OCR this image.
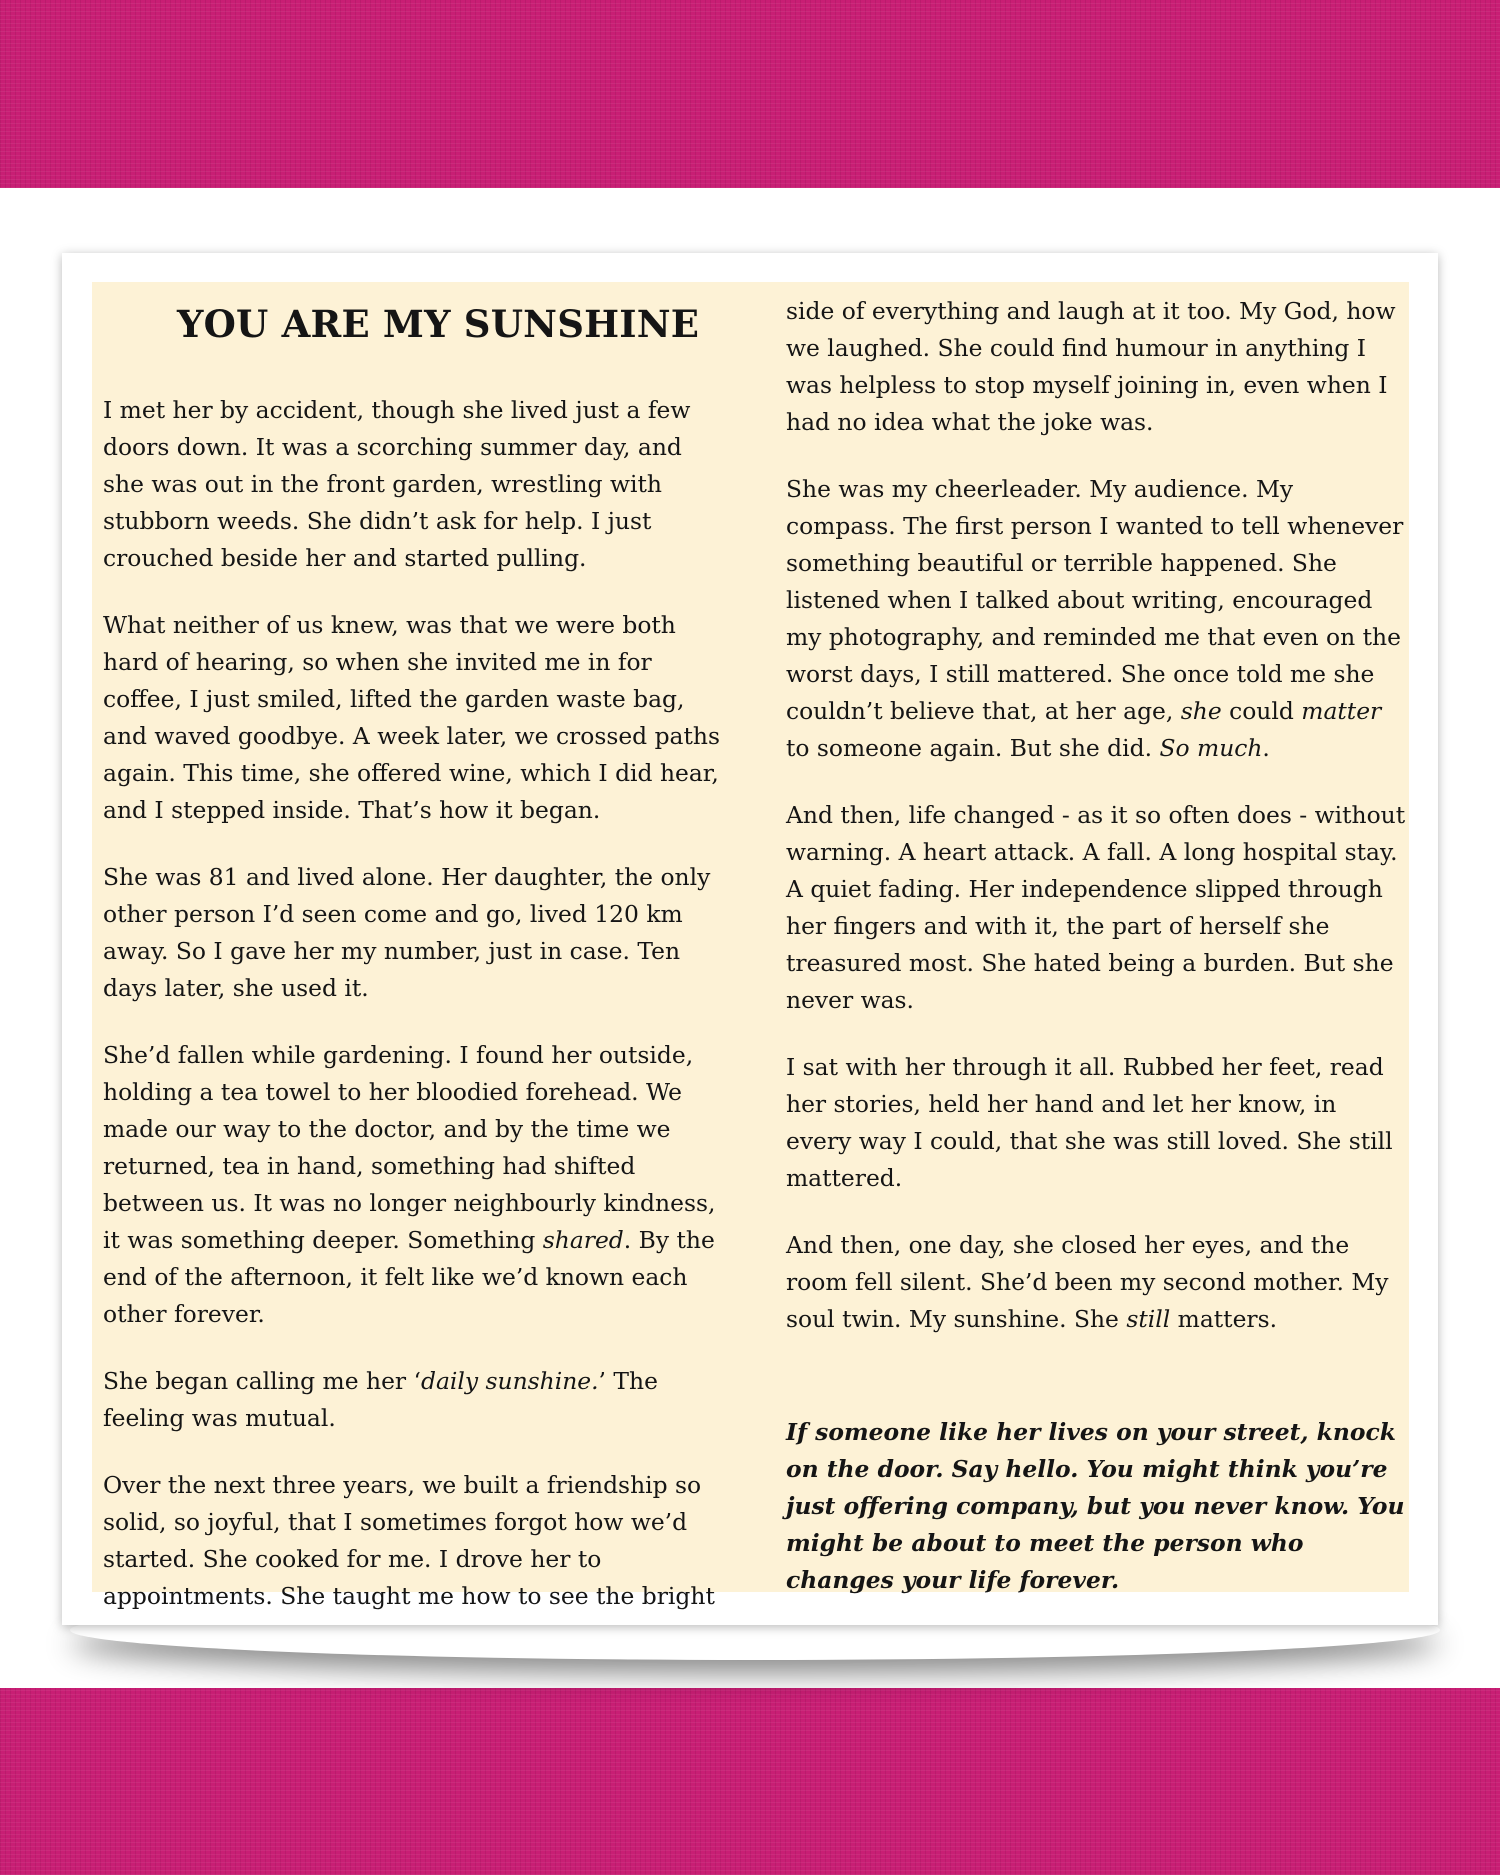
YOU ARE MY SUNSHINE

I met her by accident, though she lived just a few doors down. It was a scorching summer day, and she was out in the front garden, wrestling with stubborn weeds. She didn’t ask for help. I just crouched beside her and started pulling.

What neither of us knew, was that we were both hard of hearing, so when she invited me in for coffee, I just smiled, lifted the garden waste bag, and waved goodbye. A week later, we crossed paths again. This time, she offered wine, which I did hear, and I stepped inside. That’s how it began.

She was 81 and lived alone. Her daughter, the only other person I’d seen come and go, lived 120 km away. So I gave her my number, just in case. Ten days later, she used it.

She’d fallen while gardening. I found her outside, holding a tea towel to her bloodied forehead. We made our way to the doctor, and by the time we returned, tea in hand, something had shifted between us. It was no longer neighbourly kindness, it was something deeper. Something shared. By the end of the afternoon, it felt like we’d known each other forever.

She began calling me her ‘daily sunshine.’ The feeling was mutual.

Over the next three years, we built a friendship so solid, so joyful, that I sometimes forgot how we’d started. She cooked for me. I drove her to appointments. She taught me how to see the bright

side of everything and laugh at it too. My God, how we laughed. She could find humour in anything I was helpless to stop myself joining in, even when I had no idea what the joke was.

She was my cheerleader. My audience. My compass. The first person I wanted to tell whenever something beautiful or terrible happened. She listened when I talked about writing, encouraged my photography, and reminded me that even on the worst days, I still mattered. She once told me she couldn’t believe that, at her age, she could matter to someone again. But she did. So much.

And then, life changed - as it so often does - without warning. A heart attack. A fall. A long hospital stay. A quiet fading. Her independence slipped through her fingers and with it, the part of herself she treasured most. She hated being a burden. But she never was.

I sat with her through it all. Rubbed her feet, read her stories, held her hand and let her know, in every way I could, that she was still loved. She still mattered.

And then, one day, she closed her eyes, and the room fell silent. She’d been my second mother. My soul twin. My sunshine. She still matters.

If someone like her lives on your street, knock on the door. Say hello. You might think you’re just offering company, but you never know. You might be about to meet the person who changes your life forever.
